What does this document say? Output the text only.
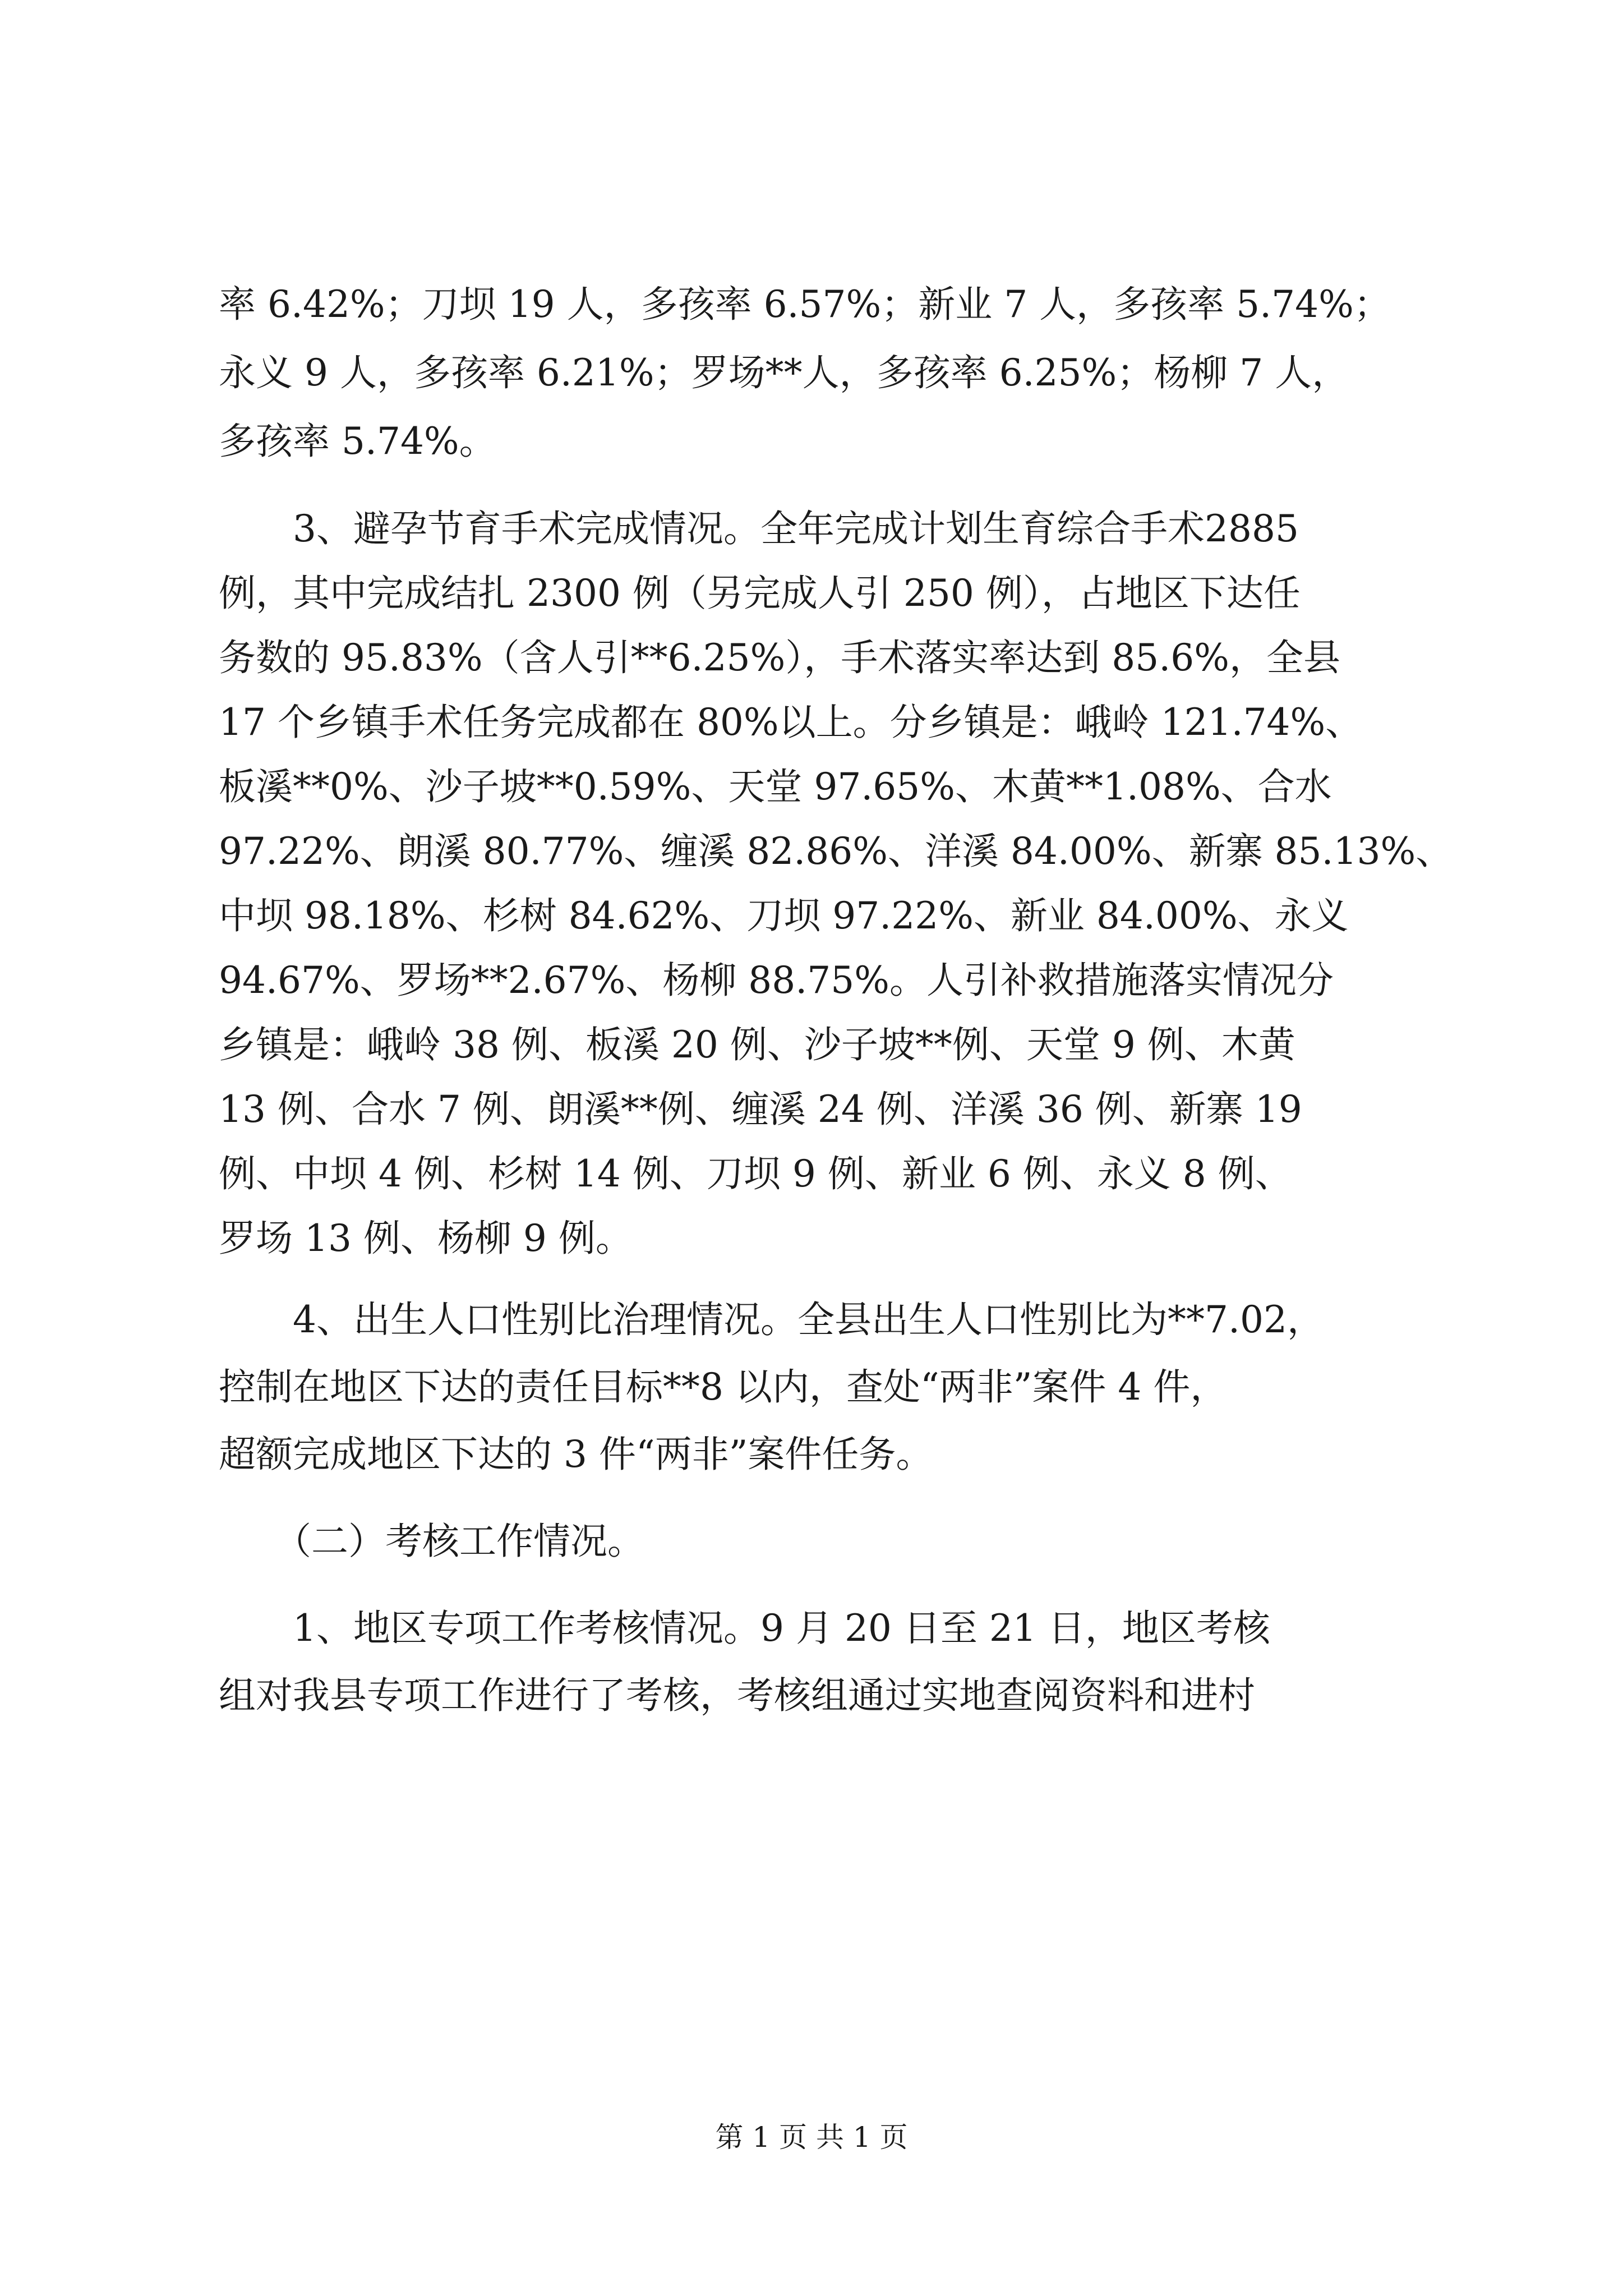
率 6.42%；刀坝 19 人，多孩率 6.57%；新业 7 人，多孩率 5.74%；
永义 9 人，多孩率 6.21%；罗场**人，多孩率 6.25%；杨柳 7 人，
多孩率 5.74%。
　　3、避孕节育手术完成情况。全年完成计划生育综合手术2885
例，其中完成结扎 2300 例（另完成人引 250 例），占地区下达任
务数的 95.83%（含人引**6.25%），手术落实率达到 85.6%，全县
17 个乡镇手术任务完成都在 80%以上。分乡镇是：峨岭 121.74%、
板溪**0%、沙子坡**0.59%、天堂 97.65%、木黄**1.08%、合水
97.22%、朗溪 80.77%、缠溪 82.86%、洋溪 84.00%、新寨 85.13%、
中坝 98.18%、杉树 84.62%、刀坝 97.22%、新业 84.00%、永义
94.67%、罗场**2.67%、杨柳 88.75%。人引补救措施落实情况分
乡镇是：峨岭 38 例、板溪 20 例、沙子坡**例、天堂 9 例、木黄
13 例、合水 7 例、朗溪**例、缠溪 24 例、洋溪 36 例、新寨 19
例、中坝 4 例、杉树 14 例、刀坝 9 例、新业 6 例、永义 8 例、
罗场 13 例、杨柳 9 例。
　　4、出生人口性别比治理情况。全县出生人口性别比为**7.02，
控制在地区下达的责任目标**8 以内，查处“两非”案件 4 件，
超额完成地区下达的 3 件“两非”案件任务。
　　（二）考核工作情况。
　　1、地区专项工作考核情况。9 月 20 日至 21 日，地区考核
组对我县专项工作进行了考核，考核组通过实地查阅资料和进村
第 1 页 共 1 页
